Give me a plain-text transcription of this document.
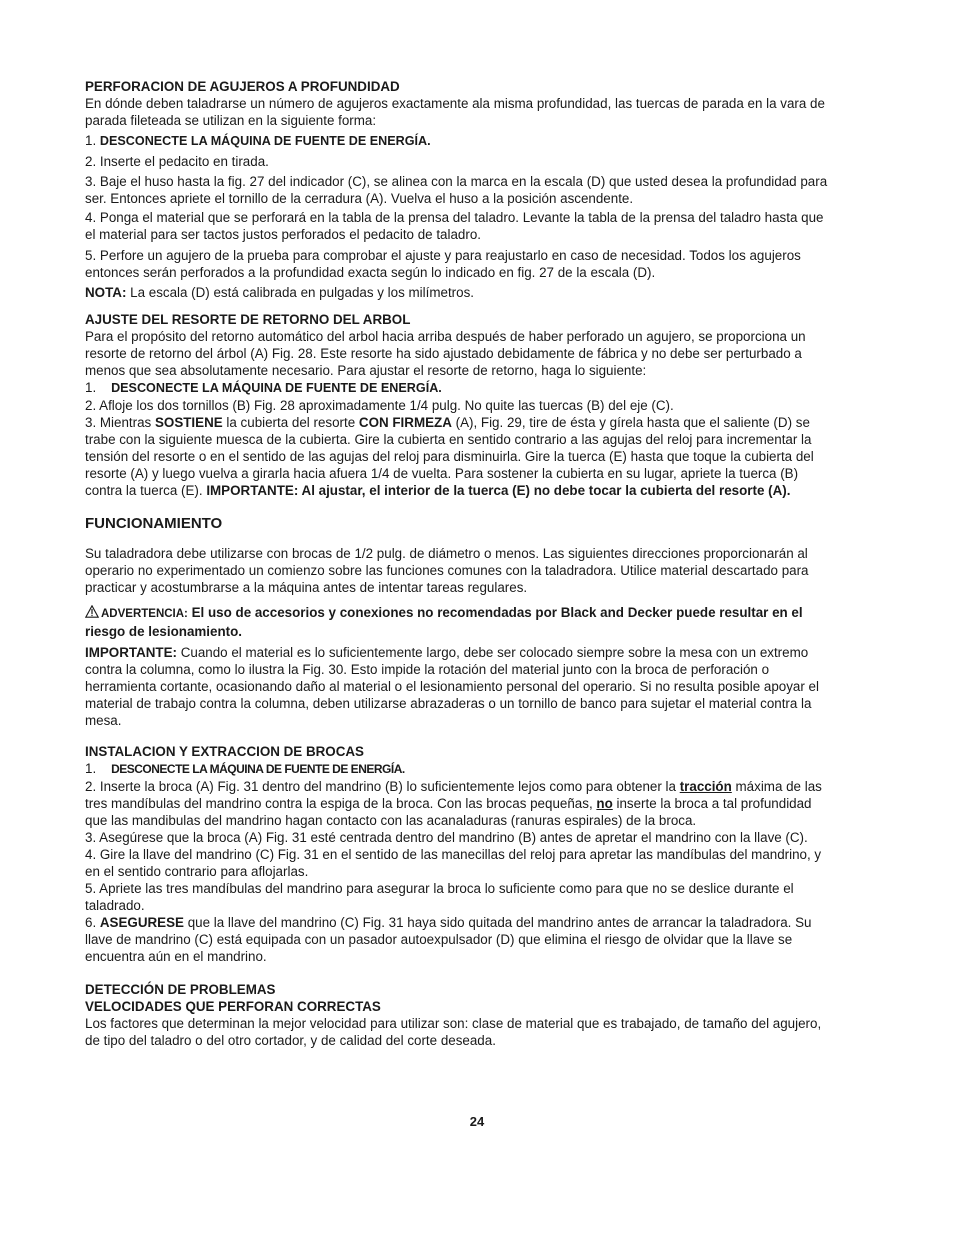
PERFORACION DE AGUJEROS A PROFUNDIDAD

En dónde deben taladrarse un número de agujeros exactamente ala misma profundidad, las tuercas de parada en la vara de parada fileteada se utilizan en la siguiente forma:

1. DESCONECTE LA MÁQUINA DE FUENTE DE ENERGÍA.

2. Inserte el pedacito en tirada.

3. Baje el huso hasta la fig. 27 del indicador (C), se alinea con la marca en la escala (D) que usted desea la profundidad para ser. Entonces apriete el tornillo de la cerradura (A). Vuelva el huso a la posición ascendente.

4. Ponga el material que se perforará en la tabla de la prensa del taladro. Levante la tabla de la prensa del taladro hasta que el material para ser tactos justos perforados el pedacito de taladro.

5. Perfore un agujero de la prueba para comprobar el ajuste y para reajustarlo en caso de necesidad. Todos los agujeros entonces serán perforados a la profundidad exacta según lo indicado en fig. 27 de la escala (D).

NOTA: La escala (D) está calibrada en pulgadas y los milímetros.

AJUSTE DEL RESORTE DE RETORNO DEL ARBOL

Para el propósito del retorno automático del arbol hacia arriba después de haber perforado un agujero, se proporciona un resorte de retorno del árbol (A) Fig. 28. Este resorte ha sido ajustado debidamente de fábrica y no debe ser perturbado a menos que sea absolutamente necesario. Para ajustar el resorte de retorno, haga lo siguiente:

1. DESCONECTE LA MÁQUINA DE FUENTE DE ENERGÍA.

2. Afloje los dos tornillos (B) Fig. 28 aproximadamente 1/4 pulg. No quite las tuercas (B) del eje (C).

3. Mientras SOSTIENE la cubierta del resorte CON FIRMEZA (A), Fig. 29, tire de ésta y gírela hasta que el saliente (D) se trabe con la siguiente muesca de la cubierta. Gire la cubierta en sentido contrario a las agujas del reloj para incrementar la tensión del resorte o en el sentido de las agujas del reloj para disminuirla. Gire la tuerca (E) hasta que toque la cubierta del resorte (A) y luego vuelva a girarla hacia afuera 1/4 de vuelta. Para sostener la cubierta en su lugar, apriete la tuerca (B) contra la tuerca (E). IMPORTANTE: Al ajustar, el interior de la tuerca (E) no debe tocar la cubierta del resorte (A).

FUNCIONAMIENTO

Su taladradora debe utilizarse con brocas de 1/2 pulg. de diámetro o menos. Las siguientes direcciones proporcionarán al operario no experimentado un comienzo sobre las funciones comunes con la taladradora. Utilice material descartado para practicar y acostumbrarse a la máquina antes de intentar tareas regulares.

ADVERTENCIA: El uso de accesorios y conexiones no recomendadas por Black and Decker puede resultar en el riesgo de lesionamiento.

IMPORTANTE: Cuando el material es lo suficientemente largo, debe ser colocado siempre sobre la mesa con un extremo contra la columna, como lo ilustra la Fig. 30. Esto impide la rotación del material junto con la broca de perforación o herramienta cortante, ocasionando daño al material o el lesionamiento personal del operario. Si no resulta posible apoyar el material de trabajo contra la columna, deben utilizarse abrazaderas o un tornillo de banco para sujetar el material contra la mesa.

INSTALACION Y EXTRACCION DE BROCAS

1. DESCONECTE LA MÁQUINA DE FUENTE DE ENERGÍA.

2. Inserte la broca (A) Fig. 31 dentro del mandrino (B) lo suficientemente lejos como para obtener la tracción máxima de las tres mandíbulas del mandrino contra la espiga de la broca. Con las brocas pequeñas, no inserte la broca a tal profundidad que las mandibulas del mandrino hagan contacto con las acanaladuras (ranuras espirales) de la broca.

3. Asegúrese que la broca (A) Fig. 31 esté centrada dentro del mandrino (B) antes de apretar el mandrino con la llave (C).

4. Gire la llave del mandrino (C) Fig. 31 en el sentido de las manecillas del reloj para apretar las mandíbulas del mandrino, y en el sentido contrario para aflojarlas.

5. Apriete las tres mandíbulas del mandrino para asegurar la broca lo suficiente como para que no se deslice durante el taladrado.

6. ASEGURESE que la llave del mandrino (C) Fig. 31 haya sido quitada del mandrino antes de arrancar la taladradora. Su llave de mandrino (C) está equipada con un pasador autoexpulsador (D) que elimina el riesgo de olvidar que la llave se encuentra aún en el mandrino.

DETECCIÓN DE PROBLEMAS
VELOCIDADES QUE PERFORAN CORRECTAS

Los factores que determinan la mejor velocidad para utilizar son: clase de material que es trabajado, de tamaño del agujero, de tipo del taladro o del otro cortador, y de calidad del corte deseada.

24
